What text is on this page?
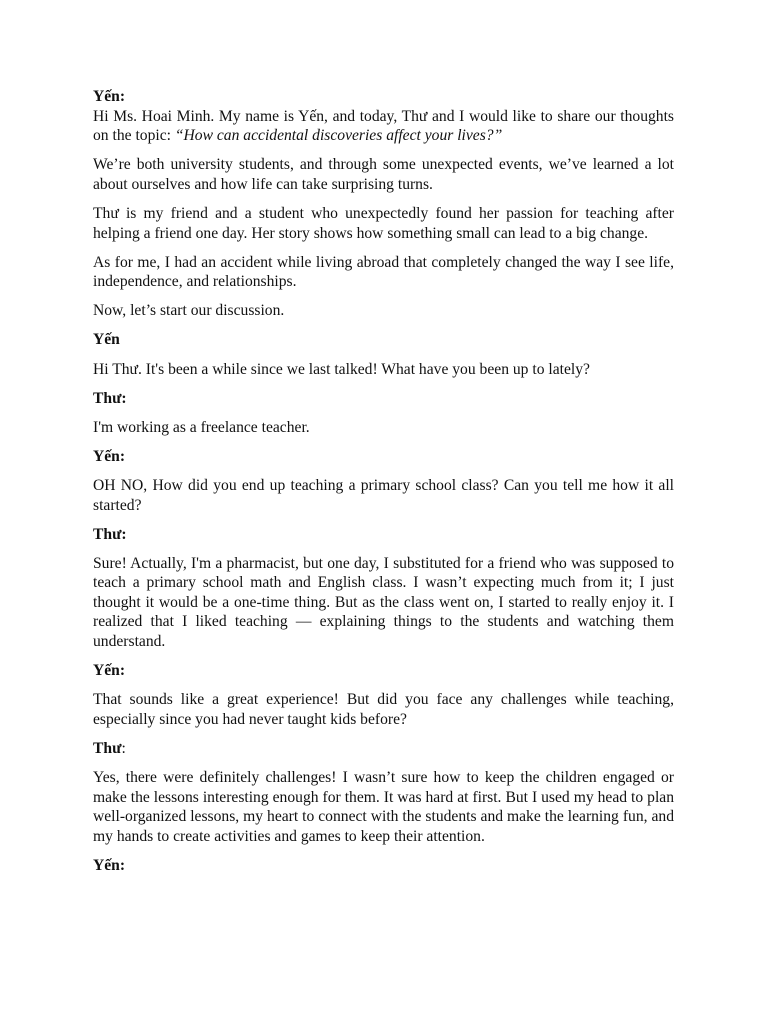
Yến:

Hi Ms. Hoai Minh. My name is Yến, and today, Thư and I would like to share our thoughts on the topic: “How can accidental discoveries affect your lives?”

We’re both university students, and through some unexpected events, we’ve learned a lot about ourselves and how life can take surprising turns.

Thư is my friend and a student who unexpectedly found her passion for teaching after helping a friend one day. Her story shows how something small can lead to a big change.

As for me, I had an accident while living abroad that completely changed the way I see life, independence, and relationships.

Now, let’s start our discussion.

Yến

Hi Thư. It's been a while since we last talked! What have you been up to lately?

Thư:

I'm working as a freelance teacher.

Yến:

OH NO, How did you end up teaching a primary school class? Can you tell me how it all started?

Thư:

Sure! Actually, I'm a pharmacist, but one day, I substituted for a friend who was supposed to teach a primary school math and English class. I wasn’t expecting much from it; I just thought it would be a one-time thing. But as the class went on, I started to really enjoy it. I realized that I liked teaching — explaining things to the students and watching them understand.

Yến:

That sounds like a great experience! But did you face any challenges while teaching, especially since you had never taught kids before?

Thư:

Yes, there were definitely challenges! I wasn’t sure how to keep the children engaged or make the lessons interesting enough for them. It was hard at first. But I used my head to plan well-organized lessons, my heart to connect with the students and make the learning fun, and my hands to create activities and games to keep their attention.

Yến:
